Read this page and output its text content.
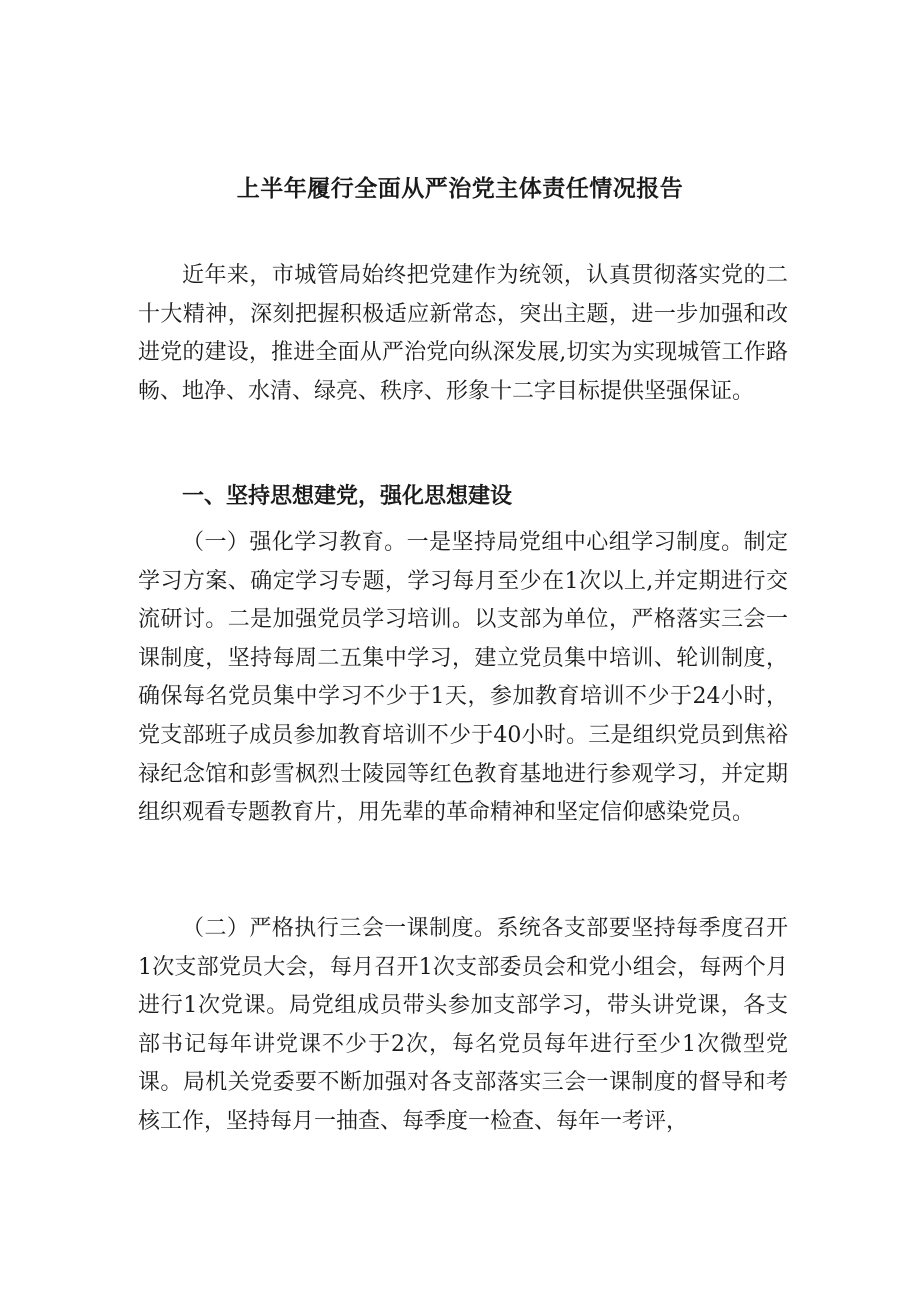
上半年履行全面从严治党主体责任情况报告

近年来，市城管局始终把党建作为统领，认真贯彻落实党的二十大精神，深刻把握积极适应新常态，突出主题，进一步加强和改进党的建设，推进全面从严治党向纵深发展,切实为实现城管工作路畅、地净、水清、绿亮、秩序、形象十二字目标提供坚强保证。

一、坚持思想建党，强化思想建设

（一）强化学习教育。一是坚持局党组中心组学习制度。制定学习方案、确定学习专题，学习每月至少在1次以上,并定期进行交流研讨。二是加强党员学习培训。以支部为单位，严格落实三会一课制度，坚持每周二五集中学习，建立党员集中培训、轮训制度，确保每名党员集中学习不少于1天，参加教育培训不少于24小时，党支部班子成员参加教育培训不少于40小时。三是组织党员到焦裕禄纪念馆和彭雪枫烈士陵园等红色教育基地进行参观学习，并定期组织观看专题教育片，用先辈的革命精神和坚定信仰感染党员。

（二）严格执行三会一课制度。系统各支部要坚持每季度召开1次支部党员大会，每月召开1次支部委员会和党小组会，每两个月进行1次党课。局党组成员带头参加支部学习，带头讲党课，各支部书记每年讲党课不少于2次，每名党员每年进行至少1次微型党课。局机关党委要不断加强对各支部落实三会一课制度的督导和考核工作，坚持每月一抽查、每季度一检查、每年一考评，
